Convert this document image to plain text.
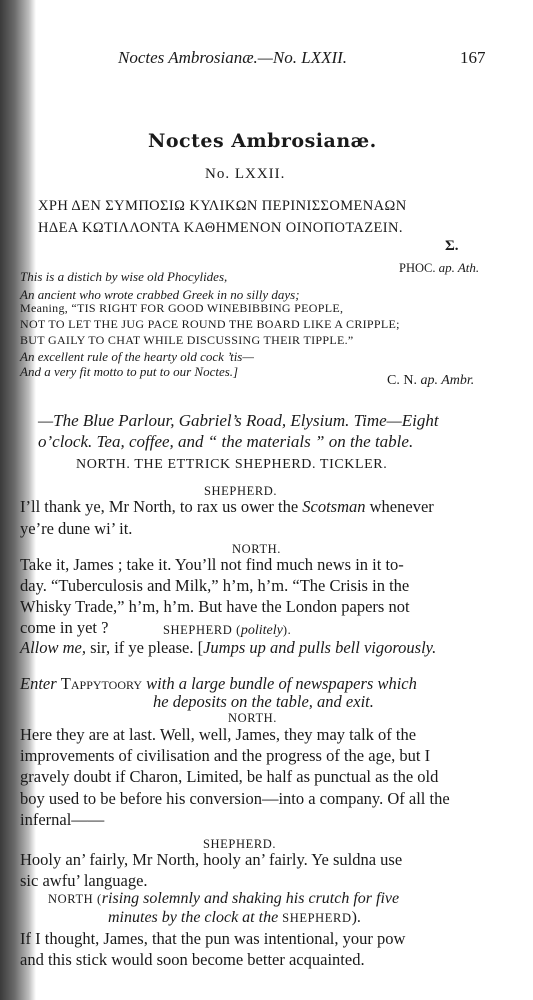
Noctes Ambrosianæ.—No. LXXII.	167
Noctes Ambrosianæ.
No. LXXII.
ΧΡΗ ΔΕΝ ΣΥΜΠΟΣΙΩ ΚΥΛΙΚΩΝ ΠΕΡΙΝΙΣΣΟΜΕΝΑΩΝ
ΗΔΕΑ ΚΩΤΙΛΛΟΝΤΑ ΚΑΘΗΜΕΝΟΝ ΟΙΝΟΠΟΤΑΖΕΙΝ.
Σ.
PHOC. ap. Ath.
This is a distich by wise old Phocylides,
An ancient who wrote crabbed Greek in no silly days;
Meaning, “TIS RIGHT FOR GOOD WINEBIBBING PEOPLE,
NOT TO LET THE JUG PACE ROUND THE BOARD LIKE A CRIPPLE;
BUT GAILY TO CHAT WHILE DISCUSSING THEIR TIPPLE.”
An excellent rule of the hearty old cock ’tis—
And a very fit motto to put to our Noctes.]
C. N. ap. Ambr.
—The Blue Parlour, Gabriel’s Road, Elysium. Time—Eight
o’clock. Tea, coffee, and “ the materials ” on the table.
NORTH. THE ETTRICK SHEPHERD. TICKLER.
SHEPHERD.
I’ll thank ye, Mr North, to rax us ower the Scotsman whenever
ye’re dune wi’ it.
NORTH.
Take it, James ; take it. You’ll not find much news in it to-
day. “Tuberculosis and Milk,” h’m, h’m. “The Crisis in the
Whisky Trade,” h’m, h’m. But have the London papers not
come in yet ?	SHEPHERD (politely).
Allow me, sir, if ye please. [Jumps up and pulls bell vigorously.
Enter Tappytoory with a large bundle of newspapers which
he deposits on the table, and exit.
NORTH.
Here they are at last. Well, well, James, they may talk of the
improvements of civilisation and the progress of the age, but I
gravely doubt if Charon, Limited, be half as punctual as the old
boy used to be before his conversion—into a company. Of all the
infernal——
SHEPHERD.
Hooly an’ fairly, Mr North, hooly an’ fairly. Ye suldna use
sic awfu’ language.
NORTH (rising solemnly and shaking his crutch for five
minutes by the clock at the SHEPHERD).
If I thought, James, that the pun was intentional, your pow
and this stick would soon become better acquainted.
